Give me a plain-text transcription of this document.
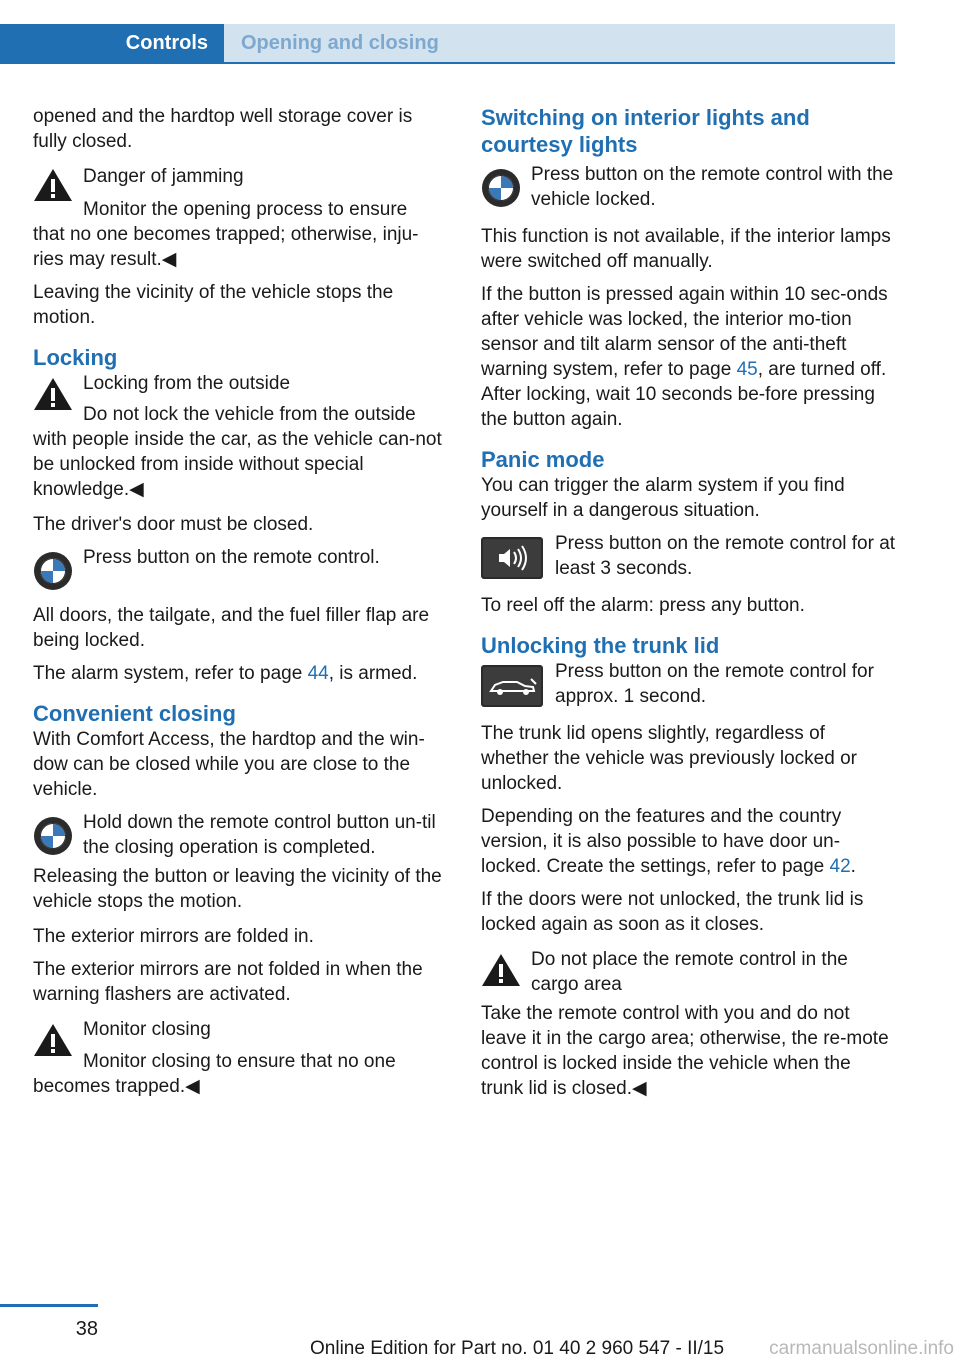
Controls	Opening and closing

opened and the hardtop well storage cover is fully closed.

Danger of jamming
Monitor the opening process to ensure
that no one becomes trapped; otherwise, inju‐ries may result.◀

Leaving the vicinity of the vehicle stops the motion.

Locking
Locking from the outside
Do not lock the vehicle from the outside
with people inside the car, as the vehicle can‐not be unlocked from inside without special knowledge.◀

The driver's door must be closed.

Press button on the remote control.

All doors, the tailgate, and the fuel filler flap are being locked.

The alarm system, refer to page 44, is armed.

Convenient closing

With Comfort Access, the hardtop and the win‐dow can be closed while you are close to the vehicle.

Hold down the remote control button un‐til the closing operation is completed.

Releasing the button or leaving the vicinity of the vehicle stops the motion.

The exterior mirrors are folded in.

The exterior mirrors are not folded in when the warning flashers are activated.

Monitor closing
Monitor closing to ensure that no one
becomes trapped.◀
Switching on interior lights and courtesy lights
Press button on the remote control with the vehicle locked.

This function is not available, if the interior lamps were switched off manually.

If the button is pressed again within 10 sec‐onds after vehicle was locked, the interior mo‐tion sensor and tilt alarm sensor of the anti‐theft warning system, refer to page 45, are turned off. After locking, wait 10 seconds be‐fore pressing the button again.

Panic mode

You can trigger the alarm system if you find yourself in a dangerous situation.

Press button on the remote control for at least 3 seconds.

To reel off the alarm: press any button.

Unlocking the trunk lid
Press button on the remote control for approx. 1 second.

The trunk lid opens slightly, regardless of whether the vehicle was previously locked or unlocked.

Depending on the features and the country version, it is also possible to have door un‐locked. Create the settings, refer to page 42.

If the doors were not unlocked, the trunk lid is locked again as soon as it closes.

Do not place the remote control in the cargo area
Take the remote control with you and do not leave it in the cargo area; otherwise, the re‐mote control is locked inside the vehicle when the trunk lid is closed.◀
38
Online Edition for Part no. 01 40 2 960 547 - II/15 carmanualsonline.info
